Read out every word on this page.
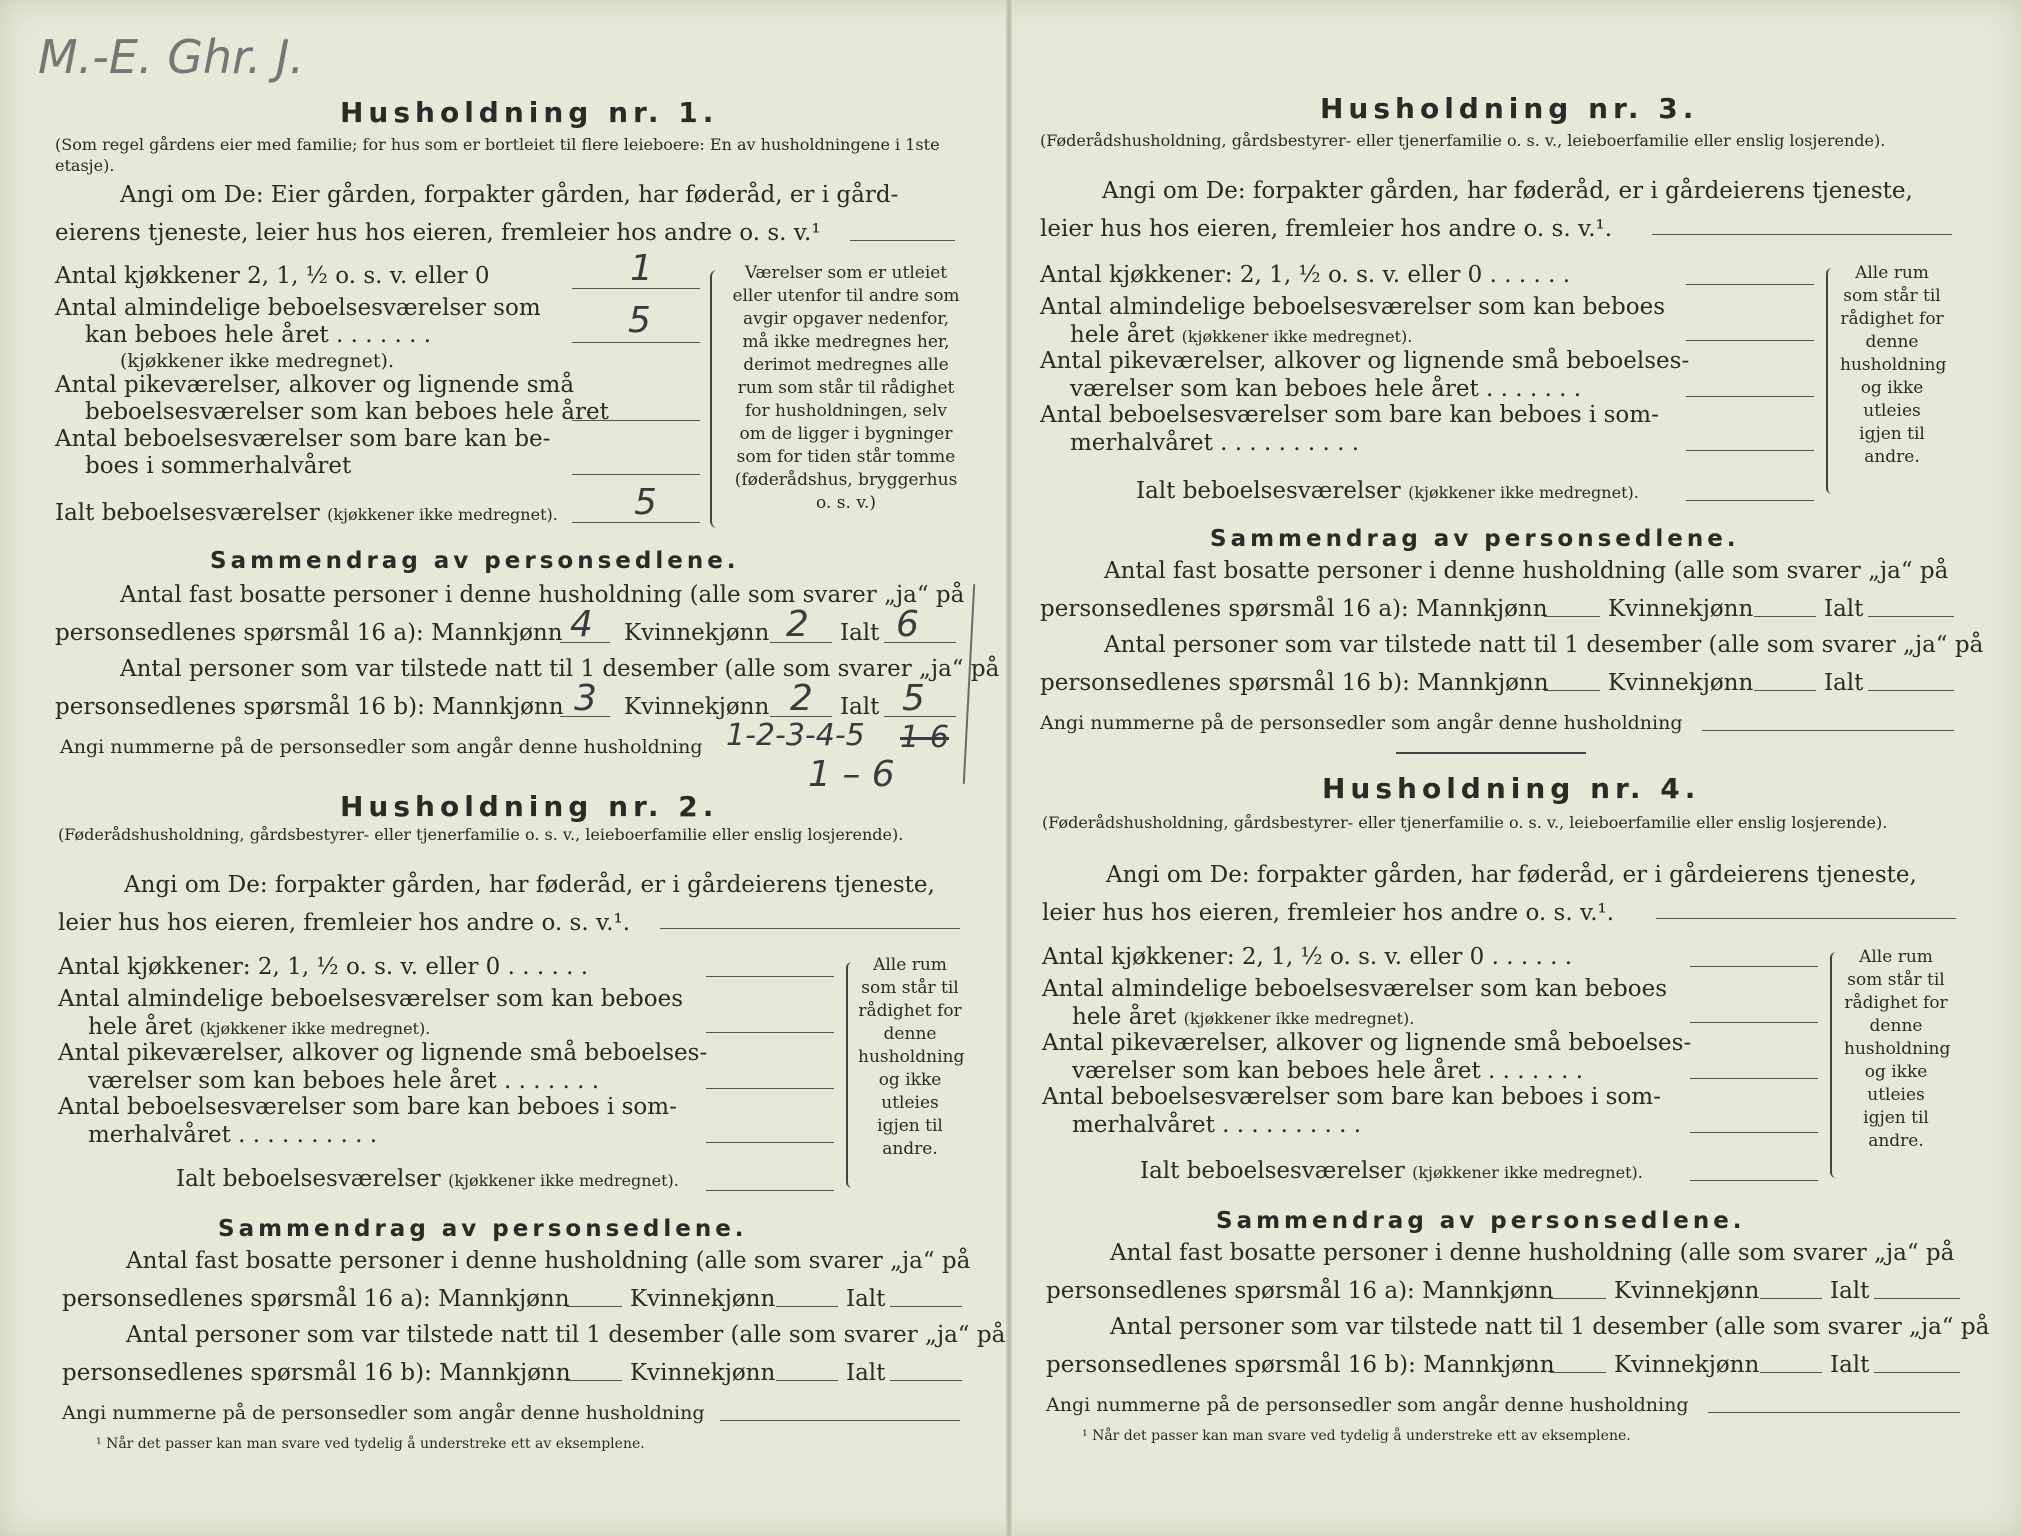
M.-E. Ghr. J.
Husholdning nr. 1.
(Som regel gårdens eier med familie; for hus som er bortleiet til flere leieboere: En av husholdningene i 1ste etasje).
Angi om De: Eier gården, forpakter gården, har føderåd, er i gård-
eierens tjeneste, leier hus hos eieren, fremleier hos andre o. s. v.¹
Antal kjøkkener 2, 1, ½ o. s. v. eller 0	1
Antal almindelige beboelsesværelser som
kan beboes hele året . . . . . . .
(kjøkkener ikke medregnet).
5
Antal pikeværelser, alkover og lignende små
beboelsesværelser som kan beboes hele året
Antal beboelsesværelser som bare kan be-
boes i sommerhalvåret
Ialt beboelsesværelser (kjøkkener ikke medregnet). 5
Værelser som er utleiet eller utenfor til andre som avgir opgaver nedenfor, må ikke medregnes her, derimot medregnes alle rum som står til rådighet for husholdningen, selv om de ligger i bygninger som for tiden står tomme (føderådshus, bryggerhus o. s. v.)
Sammendrag av personsedlene.
Antal fast bosatte personer i denne husholdning (alle som svarer „ja“ på
personsedlenes spørsmål 16 a): Mannkjønn 4 Kvinnekjønn 2 Ialt 6
Antal personer som var tilstede natt til 1 desember (alle som svarer „ja“ på
personsedlenes spørsmål 16 b): Mannkjønn 3 Kvinnekjønn 2 Ialt 5
Angi nummerne på de personsedler som angår denne husholdning 1-2-3-4-5 1-6
1 – 6
Husholdning nr. 2.
(Føderådshusholdning, gårdsbestyrer- eller tjenerfamilie o. s. v., leieboerfamilie eller enslig losjerende).
Angi om De: forpakter gården, har føderåd, er i gårdeierens tjeneste,
leier hus hos eieren, fremleier hos andre o. s. v.¹.
Antal kjøkkener: 2, 1, ½ o. s. v. eller 0 . . . . . .
Antal almindelige beboelsesværelser som kan beboes
hele året (kjøkkener ikke medregnet).
Antal pikeværelser, alkover og lignende små beboelses-
værelser som kan beboes hele året . . . . . . .
Antal beboelsesværelser som bare kan beboes i som-
merhalvåret . . . . . . . . . .
Ialt beboelsesværelser (kjøkkener ikke medregnet).
Alle rum som står til rådighet for denne husholdning og ikke utleies igjen til andre.
Sammendrag av personsedlene.
Antal fast bosatte personer i denne husholdning (alle som svarer „ja“ på
personsedlenes spørsmål 16 a): Mannkjønn	Kvinnekjønn	Ialt
Antal personer som var tilstede natt til 1 desember (alle som svarer „ja“ på
personsedlenes spørsmål 16 b): Mannkjønn	Kvinnekjønn	Ialt
Angi nummerne på de personsedler som angår denne husholdning
¹ Når det passer kan man svare ved tydelig å understreke ett av eksemplene.
Husholdning nr. 3.
(Føderådshusholdning, gårdsbestyrer- eller tjenerfamilie o. s. v., leieboerfamilie eller enslig losjerende).
Angi om De: forpakter gården, har føderåd, er i gårdeierens tjeneste,
leier hus hos eieren, fremleier hos andre o. s. v.¹.
Antal kjøkkener: 2, 1, ½ o. s. v. eller 0 . . . . . .
Antal almindelige beboelsesværelser som kan beboes
hele året (kjøkkener ikke medregnet).
Antal pikeværelser, alkover og lignende små beboelses-
værelser som kan beboes hele året . . . . . . .
Antal beboelsesværelser som bare kan beboes i som-
merhalvåret . . . . . . . . . .
Ialt beboelsesværelser (kjøkkener ikke medregnet).
Alle rum som står til rådighet for denne husholdning og ikke utleies igjen til andre.
Sammendrag av personsedlene.
Antal fast bosatte personer i denne husholdning (alle som svarer „ja“ på
personsedlenes spørsmål 16 a): Mannkjønn	Kvinnekjønn	Ialt
Antal personer som var tilstede natt til 1 desember (alle som svarer „ja“ på
personsedlenes spørsmål 16 b): Mannkjønn	Kvinnekjønn	Ialt
Angi nummerne på de personsedler som angår denne husholdning
Husholdning nr. 4.
(Føderådshusholdning, gårdsbestyrer- eller tjenerfamilie o. s. v., leieboerfamilie eller enslig losjerende).
Angi om De: forpakter gården, har føderåd, er i gårdeierens tjeneste,
leier hus hos eieren, fremleier hos andre o. s. v.¹.
Antal kjøkkener: 2, 1, ½ o. s. v. eller 0 . . . . . .
Antal almindelige beboelsesværelser som kan beboes
hele året (kjøkkener ikke medregnet).
Antal pikeværelser, alkover og lignende små beboelses-
værelser som kan beboes hele året . . . . . . .
Antal beboelsesværelser som bare kan beboes i som-
merhalvåret . . . . . . . . . .
Ialt beboelsesværelser (kjøkkener ikke medregnet).
Alle rum som står til rådighet for denne husholdning og ikke utleies igjen til andre.
Sammendrag av personsedlene.
Antal fast bosatte personer i denne husholdning (alle som svarer „ja“ på
personsedlenes spørsmål 16 a): Mannkjønn	Kvinnekjønn	Ialt
Antal personer som var tilstede natt til 1 desember (alle som svarer „ja“ på
personsedlenes spørsmål 16 b): Mannkjønn	Kvinnekjønn	Ialt
Angi nummerne på de personsedler som angår denne husholdning
¹ Når det passer kan man svare ved tydelig å understreke ett av eksemplene.
